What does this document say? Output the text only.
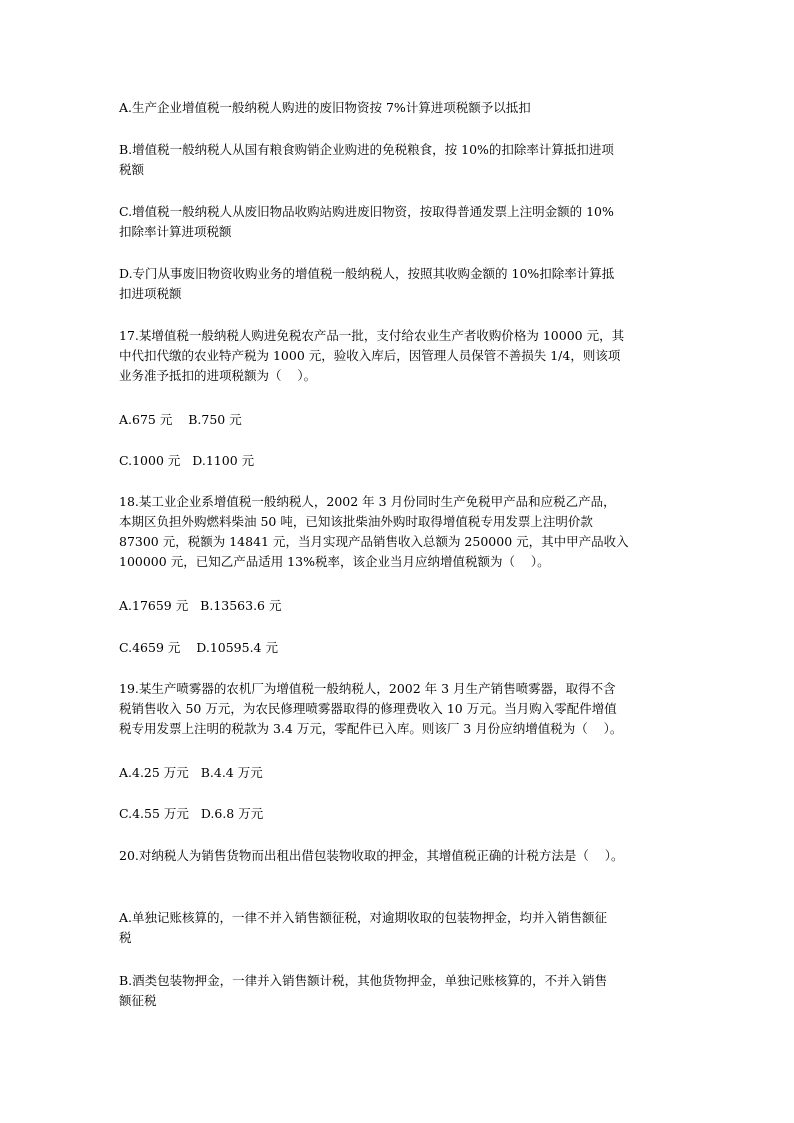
A.生产企业增值税一般纳税人购进的废旧物资按 7%计算进项税额予以抵扣
B.增值税一般纳税人从国有粮食购销企业购进的免税粮食，按 10%的扣除率计算抵扣进项
税额
C.增值税一般纳税人从废旧物品收购站购进废旧物资，按取得普通发票上注明金额的 10%
扣除率计算进项税额
D.专门从事废旧物资收购业务的增值税一般纳税人，按照其收购金额的 10%扣除率计算抵
扣进项税额
17.某增值税一般纳税人购进免税农产品一批，支付给农业生产者收购价格为 10000 元，其
中代扣代缴的农业特产税为 1000 元，验收入库后，因管理人员保管不善损失 1/4，则该项
业务准予抵扣的进项税额为（    ）。
A.675 元    B.750 元
C.1000 元   D.1100 元
18.某工业企业系增值税一般纳税人，2002 年 3 月份同时生产免税甲产品和应税乙产品，
本期区负担外购燃料柴油 50 吨，已知该批柴油外购时取得增值税专用发票上注明价款
87300 元，税额为 14841 元，当月实现产品销售收入总额为 250000 元，其中甲产品收入
100000 元，已知乙产品适用 13%税率，该企业当月应纳增值税额为（    ）。
A.17659 元   B.13563.6 元
C.4659 元    D.10595.4 元
19.某生产喷雾器的农机厂为增值税一般纳税人，2002 年 3 月生产销售喷雾器，取得不含
税销售收入 50 万元，为农民修理喷雾器取得的修理费收入 10 万元。当月购入零配件增值
税专用发票上注明的税款为 3.4 万元，零配件已入库。则该厂 3 月份应纳增值税为（    ）。
A.4.25 万元   B.4.4 万元
C.4.55 万元   D.6.8 万元
20.对纳税人为销售货物而出租出借包装物收取的押金，其增值税正确的计税方法是（    ）。
A.单独记账核算的，一律不并入销售额征税，对逾期收取的包装物押金，均并入销售额征
税
B.酒类包装物押金，一律并入销售额计税，其他货物押金，单独记账核算的，不并入销售
额征税
